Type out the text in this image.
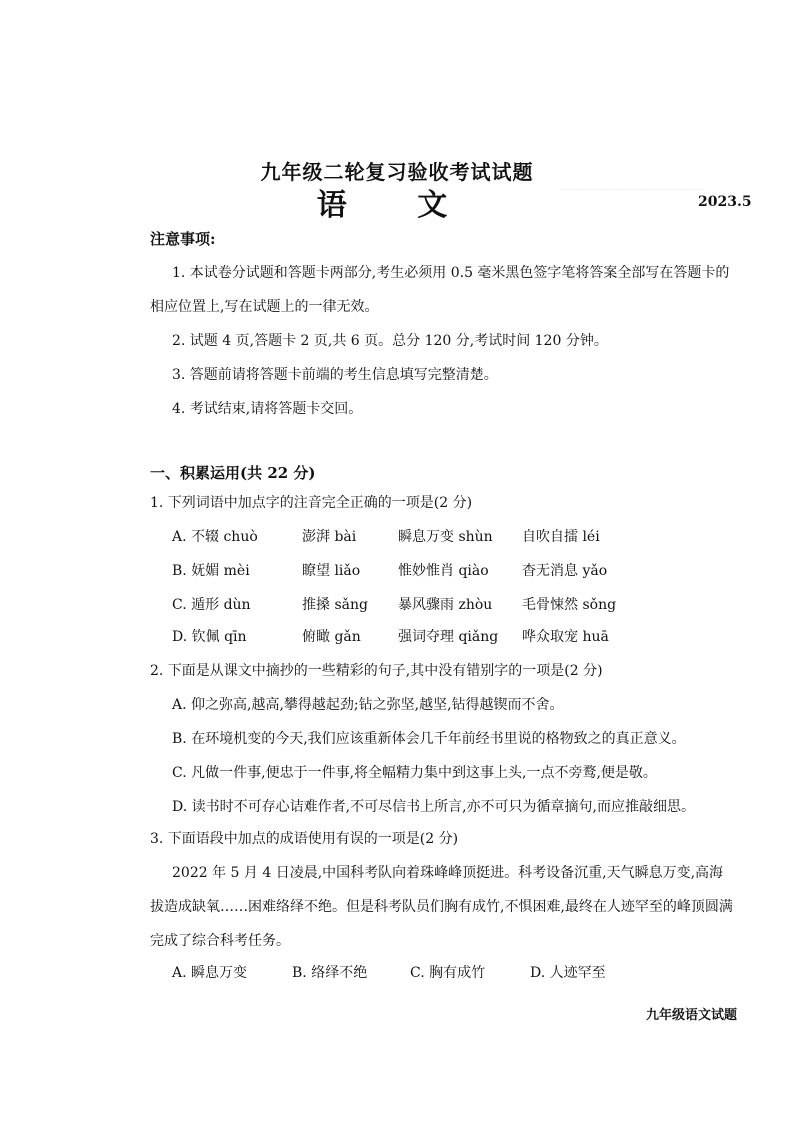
———————————
九年级二轮复习验收考试试题
语 文	2023.5
注意事项:
1. 本试卷分试题和答题卡两部分,考生必须用 0.5 毫米黑色签字笔将答案全部写在答题卡的
相应位置上,写在试题上的一律无效。
2. 试题 4 页,答题卡 2 页,共 6 页。总分 120 分,考试时间 120 分钟。
3. 答题前请将答题卡前端的考生信息填写完整清楚。
4. 考试结束,请将答题卡交回。
一、积累运用(共 22 分)
1. 下列词语中加点字的注音完全正确的一项是(2 分)
A. 不辍 chuò	澎湃 bài	瞬息万变 shùn 自吹自擂 léi
B. 妩媚 mèi	瞭望 liǎo	惟妙惟肖 qiào 杳无消息 yǎo
C. 遁形 dùn	推搡 sǎng 暴风骤雨 zhòu 毛骨悚然 sǒng
D. 钦佩 qīn	俯瞰 gǎn	强词夺理 qiǎng 哗众取宠 huā
2. 下面是从课文中摘抄的一些精彩的句子,其中没有错别字的一项是(2 分)
A. 仰之弥高,越高,攀得越起劲;钻之弥坚,越坚,钻得越锲而不舍。
B. 在环境机变的今天,我们应该重新体会几千年前经书里说的格物致之的真正意义。
C. 凡做一件事,便忠于一件事,将全幅精力集中到这事上头,一点不旁鹜,便是敬。
D. 读书时不可存心诘难作者,不可尽信书上所言,亦不可只为循章摘句,而应推敲细思。
3. 下面语段中加点的成语使用有误的一项是(2 分)
2022 年 5 月 4 日凌晨,中国科考队向着珠峰峰顶挺进。科考设备沉重,天气瞬息万变,高海
拔造成缺氧……困难络绎不绝。但是科考队员们胸有成竹,不惧困难,最终在人迹罕至的峰顶圆满
完成了综合科考任务。
A. 瞬息万变	B. 络绎不绝	C. 胸有成竹	D. 人迹罕至
九年级语文试题
